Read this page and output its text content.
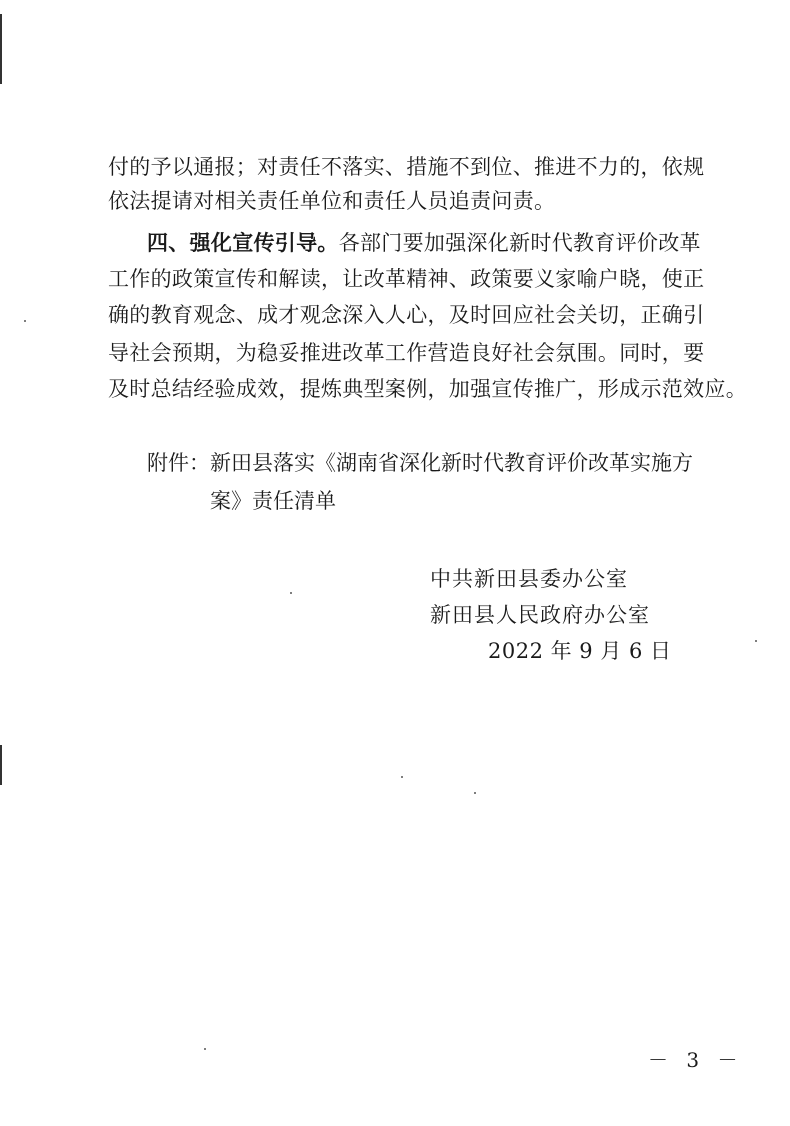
付的予以通报；对责任不落实、措施不到位、推进不力的，依规
依法提请对相关责任单位和责任人员追责问责。
四、强化宣传引导。各部门要加强深化新时代教育评价改革
工作的政策宣传和解读，让改革精神、政策要义家喻户晓，使正
确的教育观念、成才观念深入人心，及时回应社会关切，正确引
导社会预期，为稳妥推进改革工作营造良好社会氛围。同时，要
及时总结经验成效，提炼典型案例，加强宣传推广，形成示范效应。
附件：新田县落实《湖南省深化新时代教育评价改革实施方
案》责任清单
中共新田县委办公室
新田县人民政府办公室
2022 年 9 月 6 日
－ 3 －
